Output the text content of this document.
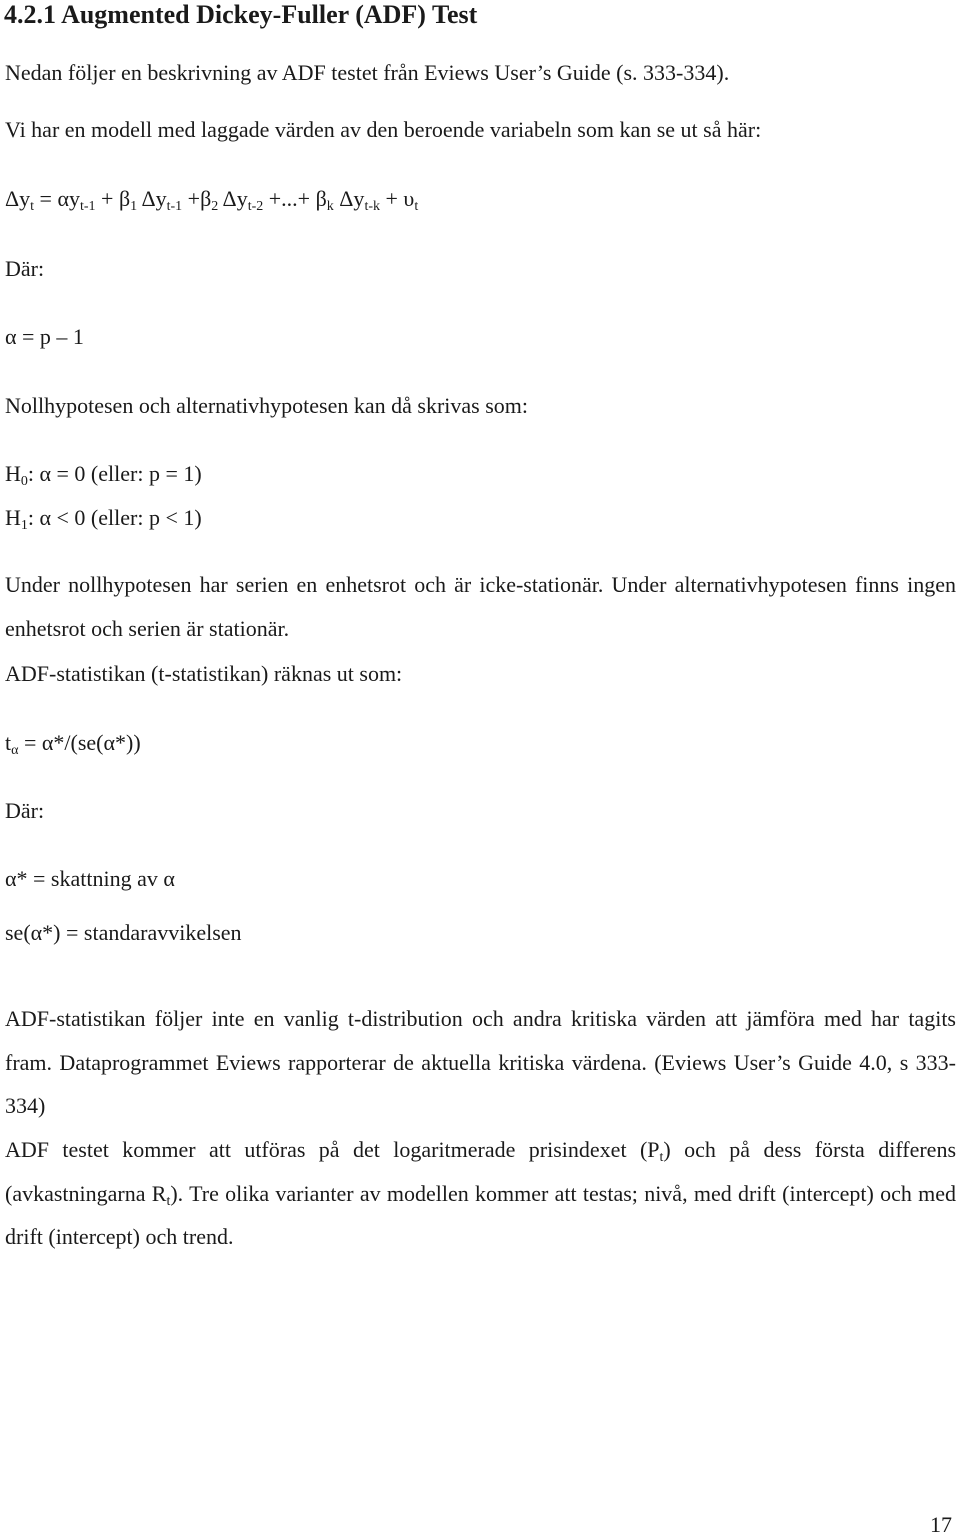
4.2.1 Augmented Dickey-Fuller (ADF) Test

Nedan följer en beskrivning av ADF testet från Eviews User’s Guide (s. 333-334).

Vi har en modell med laggade värden av den beroende variabeln som kan se ut så här:

$\Delta y_t = \alpha y_{t-1} + \beta_1$ $\Delta y_{t-1} +\beta_2$ $\Delta y_{t-2}$ +...+ $\beta_k$ $\Delta y_{t-k} + \upsilon_t$

Där:

α = p – 1

Nollhypotesen och alternativhypotesen kan då skrivas som:

$H_0$: α = 0 (eller: p = 1)

$H_1$: α < 0 (eller: p < 1)

Under nollhypotesen har serien en enhetsrot och är icke-stationär. Under alternativhypotesen finns ingen enhetsrot och serien är stationär.

ADF-statistikan (t-statistikan) räknas ut som:

$t_\alpha = \alpha*/(se(\alpha*))$

Där:

α* = skattning av α

se(α*) = standaravvikelsen

ADF-statistikan följer inte en vanlig t-distribution och andra kritiska värden att jämföra med har tagits fram. Dataprogrammet Eviews rapporterar de aktuella kritiska värdena. (Eviews User’s Guide 4.0, s 333-334)

ADF testet kommer att utföras på det logaritmerade prisindexet $(P_t)$ och på dess första differens (avkastningarna $R_t$). Tre olika varianter av modellen kommer att testas; nivå, med drift (intercept) och med drift (intercept) och trend.

17
